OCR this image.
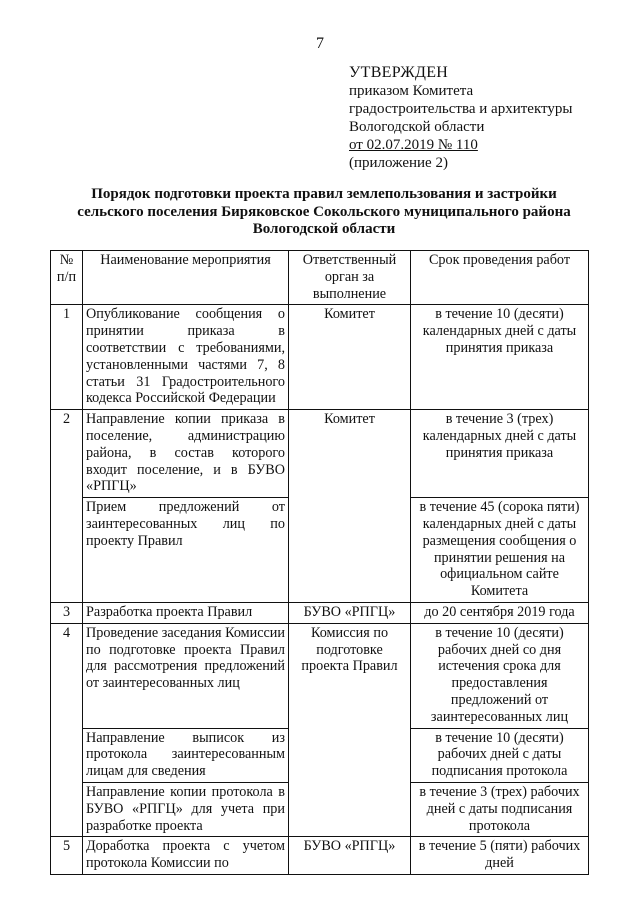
7
УТВЕРЖДЕН
приказом Комитета
градостроительства и архитектуры
Вологодской области
от 02.07.2019 № 110
(приложение 2)
Порядок подготовки проекта правил землепользования и застройки
сельского поселения Биряковское Сокольского муниципального района
Вологодской области
№ п/п	Наименование мероприятия	Ответственный орган за выполнение	Срок проведения работ
1	Опубликование сообщения о принятии приказа в соответствии с требованиями, установленными частями 7, 8 статьи 31 Градостроительного кодекса Российской Федерации	Комитет	в течение 10 (десяти) календарных дней с даты принятия приказа
2	Направление копии приказа в поселение, администрацию района, в состав которого входит поселение, и в БУВО «РПГЦ»	Комитет	в течение 3 (трех) календарных дней с даты принятия приказа
	Прием предложений от заинтересованных лиц по проекту Правил		в течение 45 (сорока пяти) календарных дней с даты размещения сообщения о принятии решения на официальном сайте Комитета
3	Разработка проекта Правил	БУВО «РПГЦ»	до 20 сентября 2019 года
4	Проведение заседания Комиссии по подготовке проекта Правил для рассмотрения предложений от заинтересованных лиц	Комиссия по подготовке проекта Правил	в течение 10 (десяти) рабочих дней со дня истечения срока для предоставления предложений от заинтересованных лиц
	Направление выписок из протокола заинтересованным лицам для сведения		в течение 10 (десяти) рабочих дней с даты подписания протокола
	Направление копии протокола в БУВО «РПГЦ» для учета при разработке проекта		в течение 3 (трех) рабочих дней с даты подписания протокола
5	Доработка проекта с учетом протокола Комиссии по	БУВО «РПГЦ»	в течение 5 (пяти) рабочих дней
